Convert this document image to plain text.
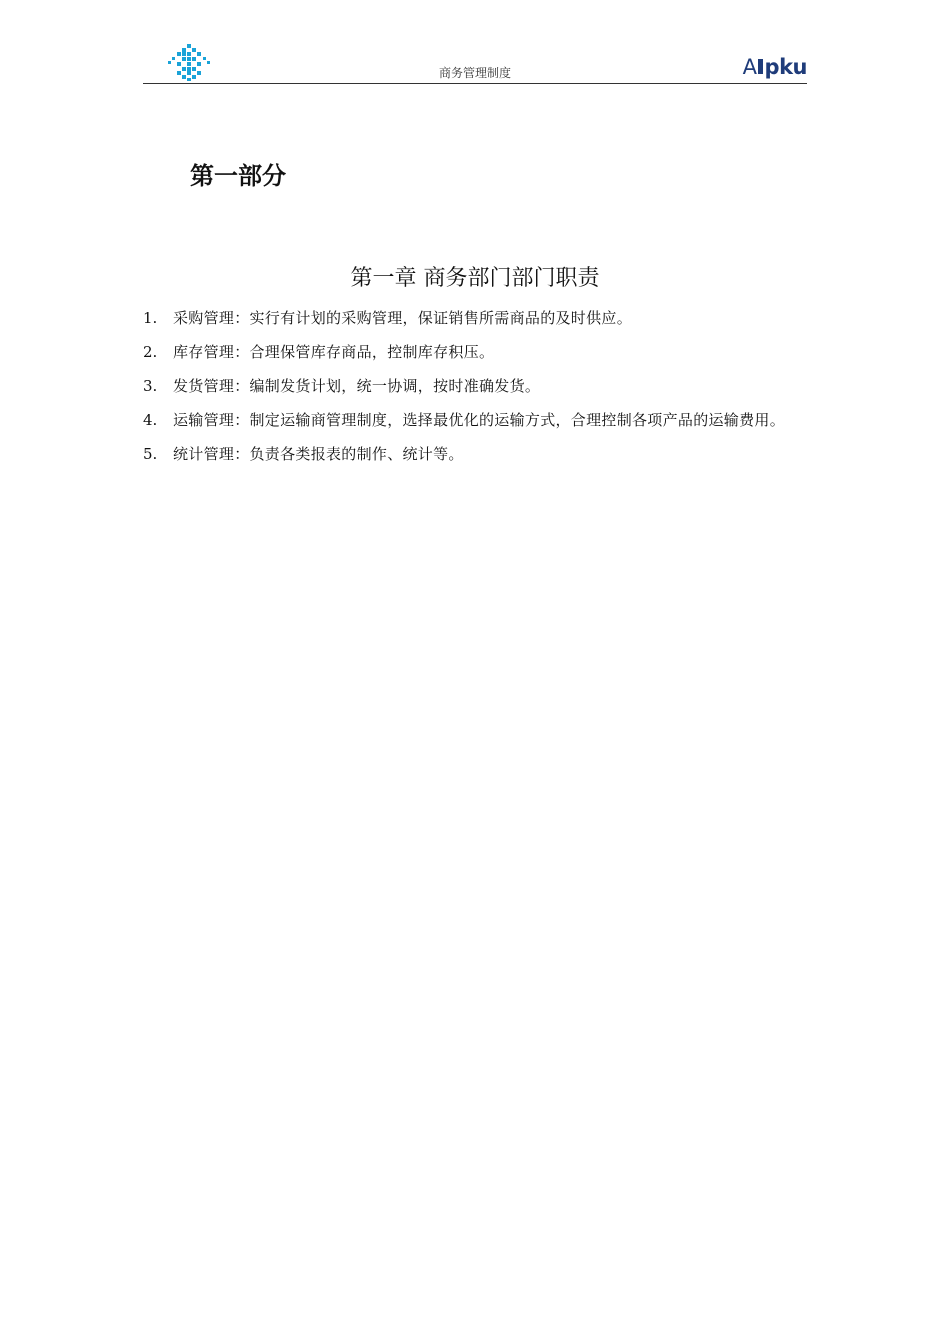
商务管理制度	A pku
第一部分
第一章 商务部门部门职责
1.	采购管理：实行有计划的采购管理，保证销售所需商品的及时供应。
2.	库存管理：合理保管库存商品，控制库存积压。
3.	发货管理：编制发货计划，统一协调，按时准确发货。
4.	运输管理：制定运输商管理制度，选择最优化的运输方式，合理控制各项产品的运输费用。
5.	统计管理：负责各类报表的制作、统计等。
